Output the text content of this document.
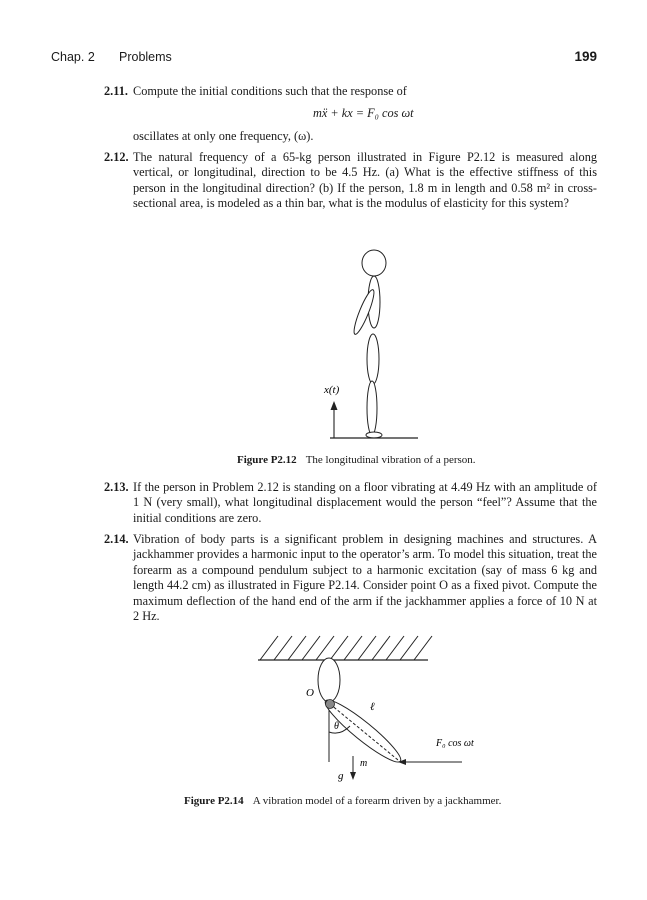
Chap. 2 Problems	199
2.11. Compute the initial conditions such that the response of

mẍ + kx = F₀ cos ωt

oscillates at only one frequency, (ω).

2.12. The natural frequency of a 65-kg person illustrated in Figure P2.12 is measured along vertical, or longitudinal, direction to be 4.5 Hz. (a) What is the effective stiffness of this person in the longitudinal direction? (b) If the person, 1.8 m in length and 0.58 m² in cross-sectional area, is modeled as a thin bar, what is the modulus of elasticity for this system?

x(t)
Figure P2.12 The longitudinal vibration of a person.
2.13. If the person in Problem 2.12 is standing on a floor vibrating at 4.49 Hz with an amplitude of 1 N (very small), what longitudinal displacement would the person “feel”? Assume that the initial conditions are zero.

2.14. Vibration of body parts is a significant problem in designing machines and structures. A jackhammer provides a harmonic input to the operator’s arm. To model this situation, treat the forearm as a compound pendulum subject to a harmonic excitation (say of mass 6 kg and length 44.2 cm) as illustrated in Figure P2.14. Consider point O as a fixed pivot. Compute the maximum deflection of the hand end of the arm if the jackhammer applies a force of 10 N at 2 Hz.

O
ℓ
θ
m
g
F₀ cos ωt
Figure P2.14 A vibration model of a forearm driven by a jackhammer.
